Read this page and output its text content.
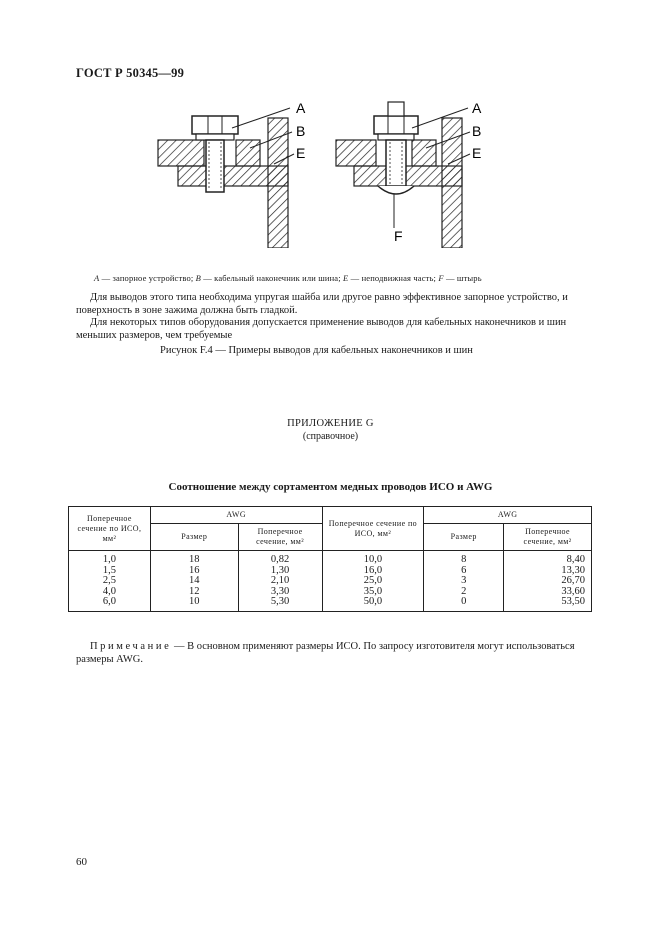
ГОСТ Р 50345—99
A
B
E
A
B
E
F
A — запорное устройство; B — кабельный наконечник или шина; E — неподвижная часть; F — штырь
Для выводов этого типа необходима упругая шайба или другое равно эффективное запорное устройство, и поверхность в зоне зажима должна быть гладкой.
Для некоторых типов оборудования допускается применение выводов для кабельных наконечников и шин меньших размеров, чем требуемые
Рисунок F.4 — Примеры выводов для кабельных наконечников и шин
ПРИЛОЖЕНИЕ G
(справочное)
Соотношение между сортаментом медных проводов ИСО и AWG
Поперечное сечение по ИСО, мм²	AWG		Поперечное сечение по ИСО, мм²	AWG	
	Размер	Поперечное сечение, мм²		Размер	Поперечное сечение, мм²
1,0	18	0,82	10,0	8	8,40
1,5	16	1,30	16,0	6	13,30
2,5	14	2,10	25,0	3	26,70
4,0	12	3,30	35,0	2	33,60
6,0	10	5,30	50,0	0	53,50
Примечание — В основном применяют размеры ИСО. По запросу изготовителя могут использоваться размеры AWG.
60
